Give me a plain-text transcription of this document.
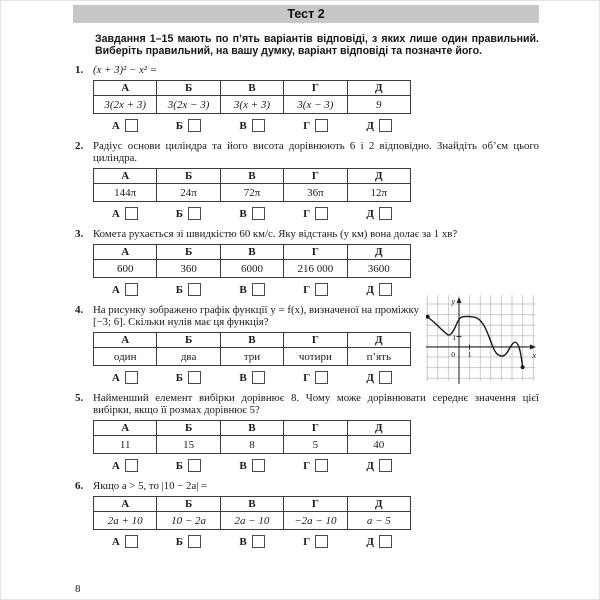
Тест 2

Завдання 1–15 мають по п’ять варіантів відповіді, з яких лише один правильний. Виберіть правильний, на вашу думку, варіант відповіді та позначте його.

1. (x + 3)² − x² =
А	Б	В	Г	Д
3(2x + 3)	3(2x − 3)	3(x + 3)	3(x − 3)	9
А	Б	В	Г	Д
2. Радіус основи циліндра та його висота дорівнюють 6 і 2 відповідно. Знайдіть об’єм цього циліндра.
А	Б	В	Г	Д
144π	24π	72π	36π	12π
А	Б	В	Г	Д
3. Комета рухається зі швидкістю 60 км/с. Яку відстань (у км) вона долає за 1 хв?
А	Б	В	Г	Д
600	360	6000	216 000	3600
А	Б	В	Г	Д
4. На рисунку зображено графік функції y = f(x), визначеної на проміжку [−3; 6]. Скільки нулів має ця функція?
y
x
0 1
1
А	Б	В	Г	Д
один	два	три	чотири	п’ять
А	Б	В	Г	Д
5. Найменший елемент вибірки дорівнює 8. Чому може дорівнювати середнє значення цієї вибірки, якщо її розмах дорівнює 5?
А	Б	В	Г	Д
11	15	8	5	40
А	Б	В	Г	Д
6. Якщо a > 5, то |10 − 2a| =
А	Б	В	Г	Д
2a + 10	10 − 2a	2a − 10	−2a − 10	a − 5
А	Б	В	Г	Д
8
